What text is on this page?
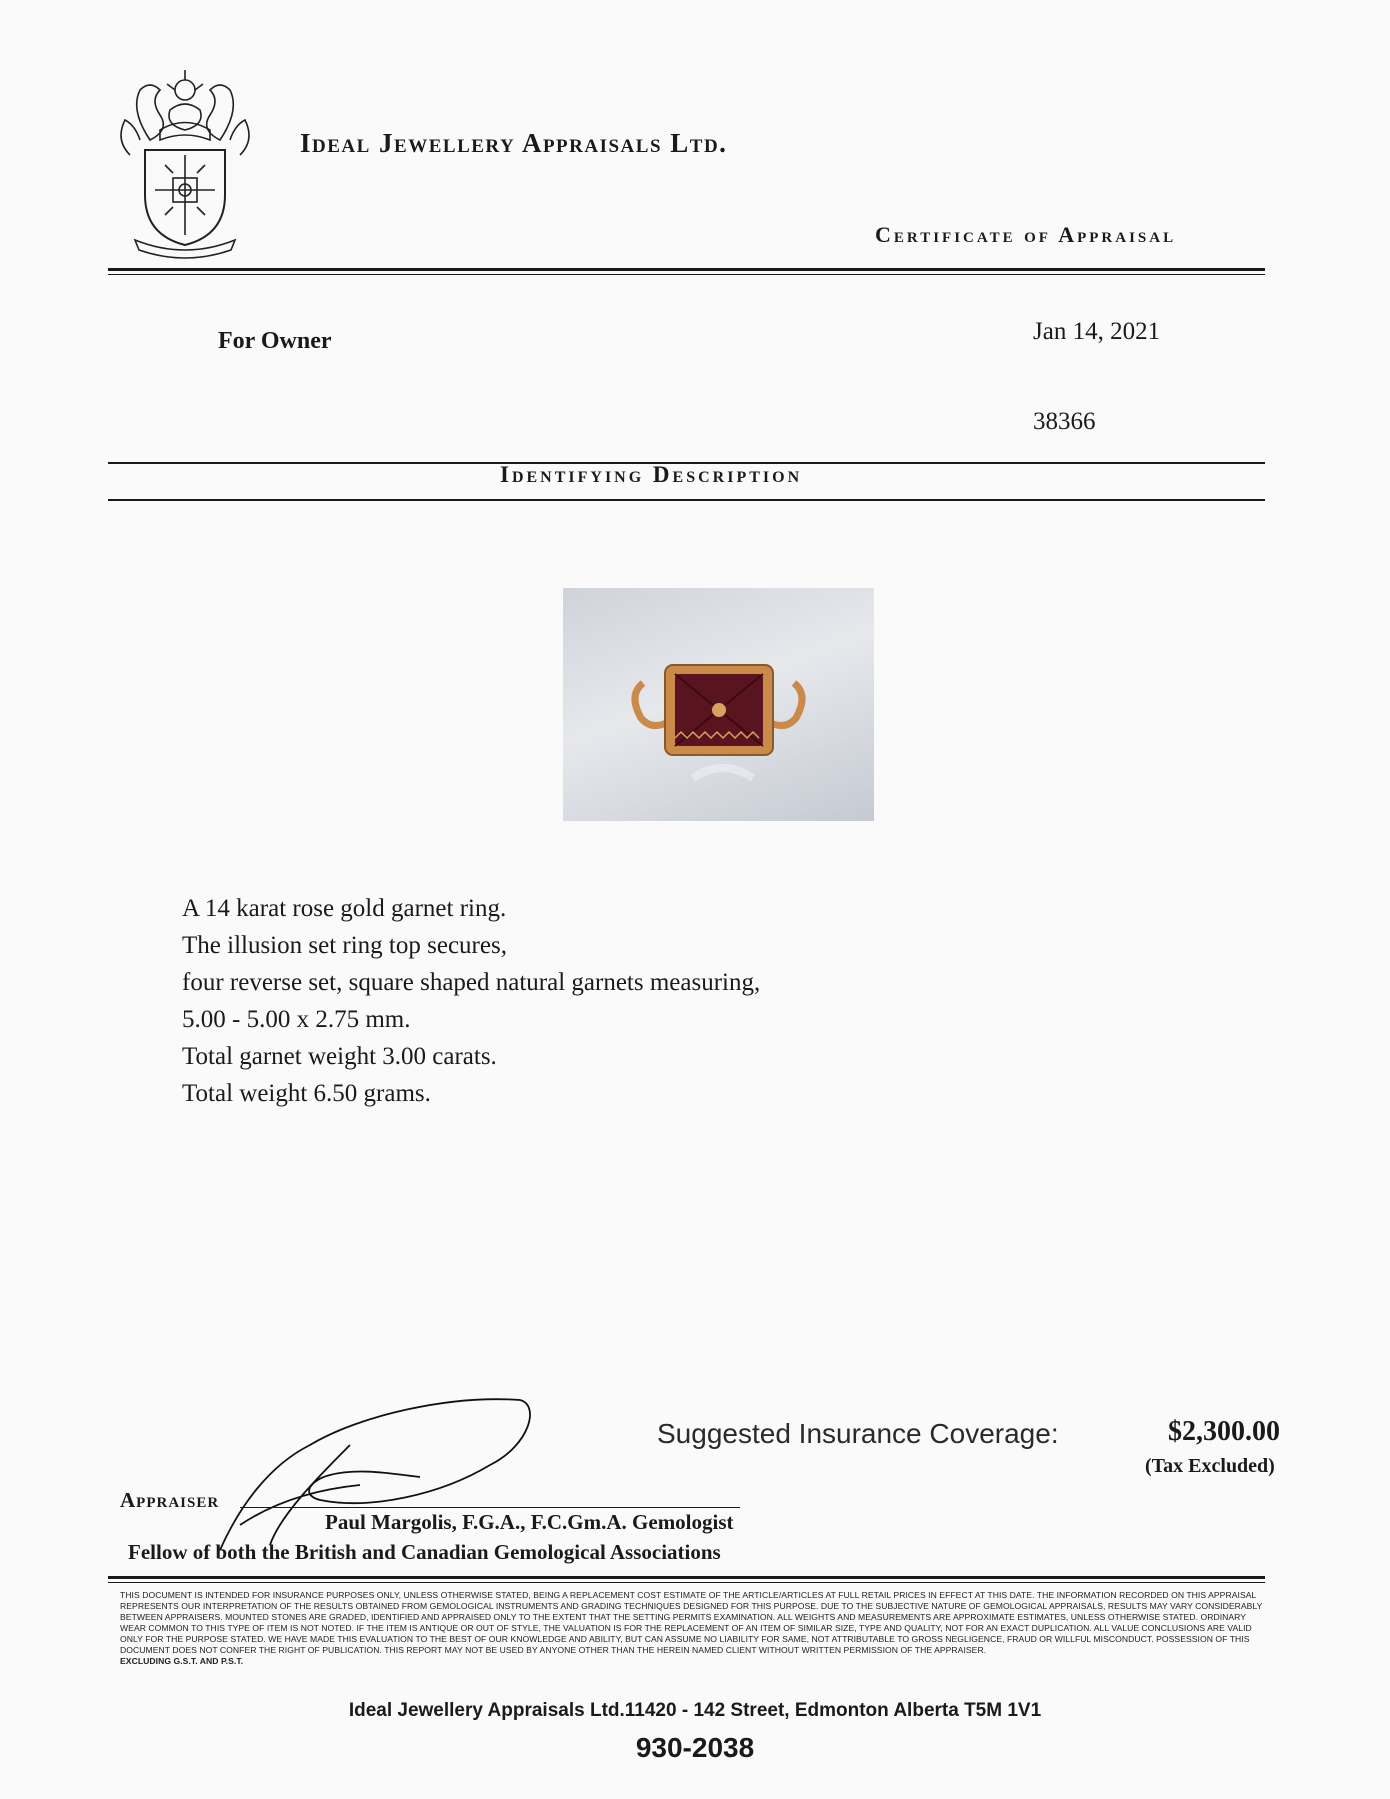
Ideal Jewellery Appraisals Ltd.
Certificate of Appraisal
For Owner	Jan 14, 2021
38366
Identifying Description
A 14 karat rose gold garnet ring.
The illusion set ring top secures,
four reverse set, square shaped natural garnets measuring,
5.00 - 5.00 x 2.75 mm.
Total garnet weight 3.00 carats.
Total weight 6.50 grams.
Suggested Insurance Coverage:	$2,300.00
(Tax Excluded)
Appraiser
Paul Margolis, F.G.A., F.C.Gm.A. Gemologist
Fellow of both the British and Canadian Gemological Associations
THIS DOCUMENT IS INTENDED FOR INSURANCE PURPOSES ONLY, UNLESS OTHERWISE STATED, BEING A REPLACEMENT COST ESTIMATE OF THE ARTICLE/ARTICLES AT FULL RETAIL PRICES IN EFFECT AT THIS DATE. THE INFORMATION RECORDED ON THIS APPRAISAL REPRESENTS OUR INTERPRETATION OF THE RESULTS OBTAINED FROM GEMOLOGICAL INSTRUMENTS AND GRADING TECHNIQUES DESIGNED FOR THIS PURPOSE. DUE TO THE SUBJECTIVE NATURE OF GEMOLOGICAL APPRAISALS, RESULTS MAY VARY CONSIDERABLY BETWEEN APPRAISERS. MOUNTED STONES ARE GRADED, IDENTIFIED AND APPRAISED ONLY TO THE EXTENT THAT THE SETTING PERMITS EXAMINATION. ALL WEIGHTS AND MEASUREMENTS ARE APPROXIMATE ESTIMATES, UNLESS OTHERWISE STATED. ORDINARY WEAR COMMON TO THIS TYPE OF ITEM IS NOT NOTED. IF THE ITEM IS ANTIQUE OR OUT OF STYLE, THE VALUATION IS FOR THE REPLACEMENT OF AN ITEM OF SIMILAR SIZE, TYPE AND QUALITY, NOT FOR AN EXACT DUPLICATION. ALL VALUE CONCLUSIONS ARE VALID ONLY FOR THE PURPOSE STATED. WE HAVE MADE THIS EVALUATION TO THE BEST OF OUR KNOWLEDGE AND ABILITY, BUT CAN ASSUME NO LIABILITY FOR SAME, NOT ATTRIBUTABLE TO GROSS NEGLIGENCE, FRAUD OR WILLFUL MISCONDUCT. POSSESSION OF THIS DOCUMENT DOES NOT CONFER THE RIGHT OF PUBLICATION. THIS REPORT MAY NOT BE USED BY ANYONE OTHER THAN THE HEREIN NAMED CLIENT WITHOUT WRITTEN PERMISSION OF THE APPRAISER.
EXCLUDING G.S.T. AND P.S.T.
Ideal Jewellery Appraisals Ltd.11420 - 142 Street, Edmonton Alberta T5M 1V1
930-2038
